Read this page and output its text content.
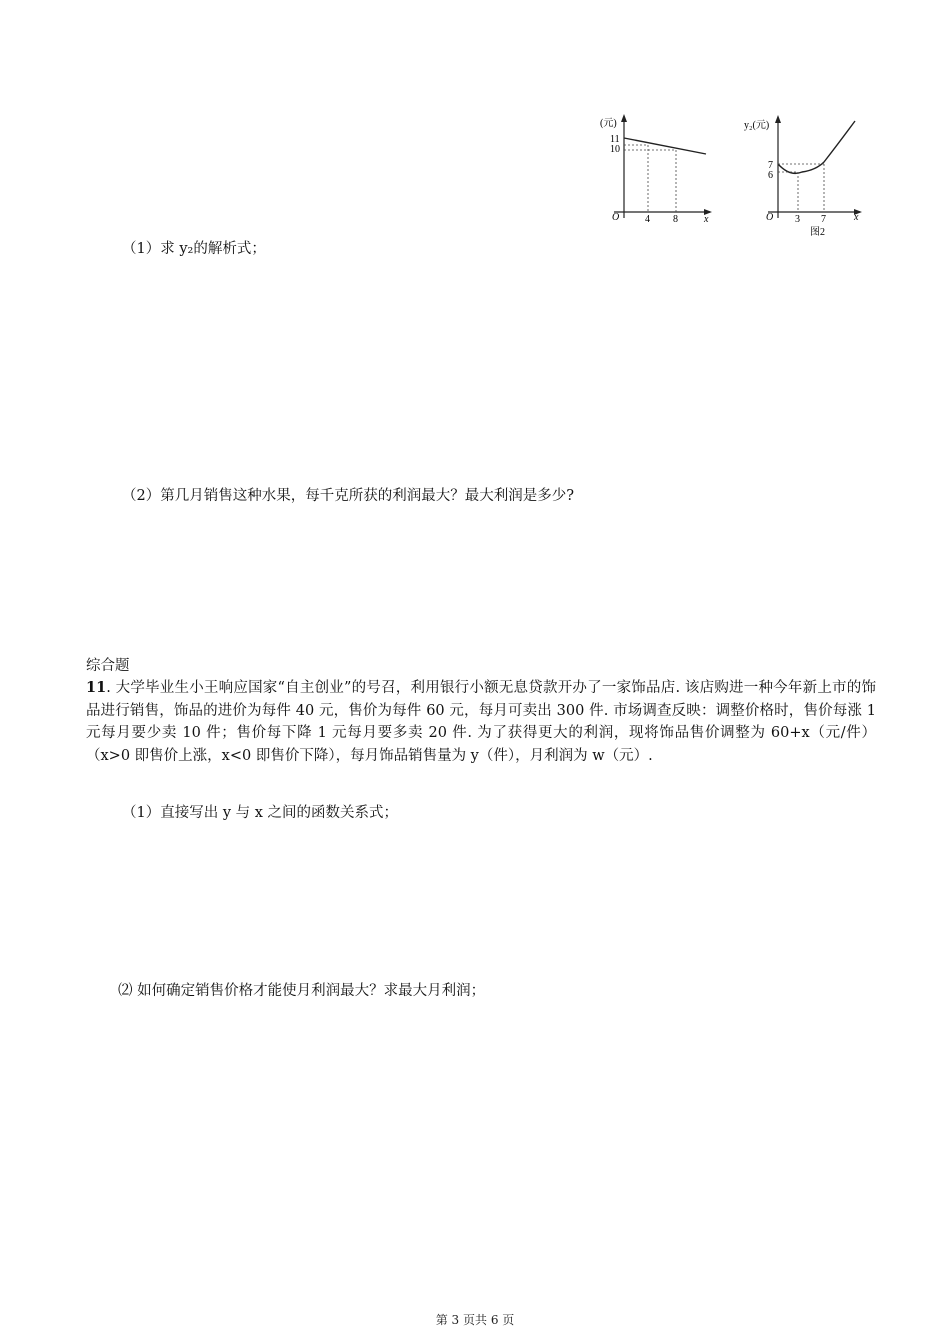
(元)
11
10
O	4 8	x
y₂(元)
7
6
O 3 7	x
图2
（1）求 y₂的解析式；
（2）第几月销售这种水果，每千克所获的利润最大？最大利润是多少?
综合题
11. 大学毕业生小王响应国家“自主创业”的号召，利用银行小额无息贷款开办了一家饰品店. 该店购进一种今年新上市的饰品进行销售，饰品的进价为每件 40 元，售价为每件 60 元，每月可卖出 300 件. 市场调查反映：调整价格时，售价每涨 1 元每月要少卖 10 件；售价每下降 1 元每月要多卖 20 件. 为了获得更大的利润，现将饰品售价调整为 60+x（元/件）（x>0 即售价上涨，x<0 即售价下降），每月饰品销售量为 y（件），月利润为 w（元）.
（1）直接写出 y 与 x 之间的函数关系式；
⑵ 如何确定销售价格才能使月利润最大？求最大月利润；
第 3 页共 6 页
